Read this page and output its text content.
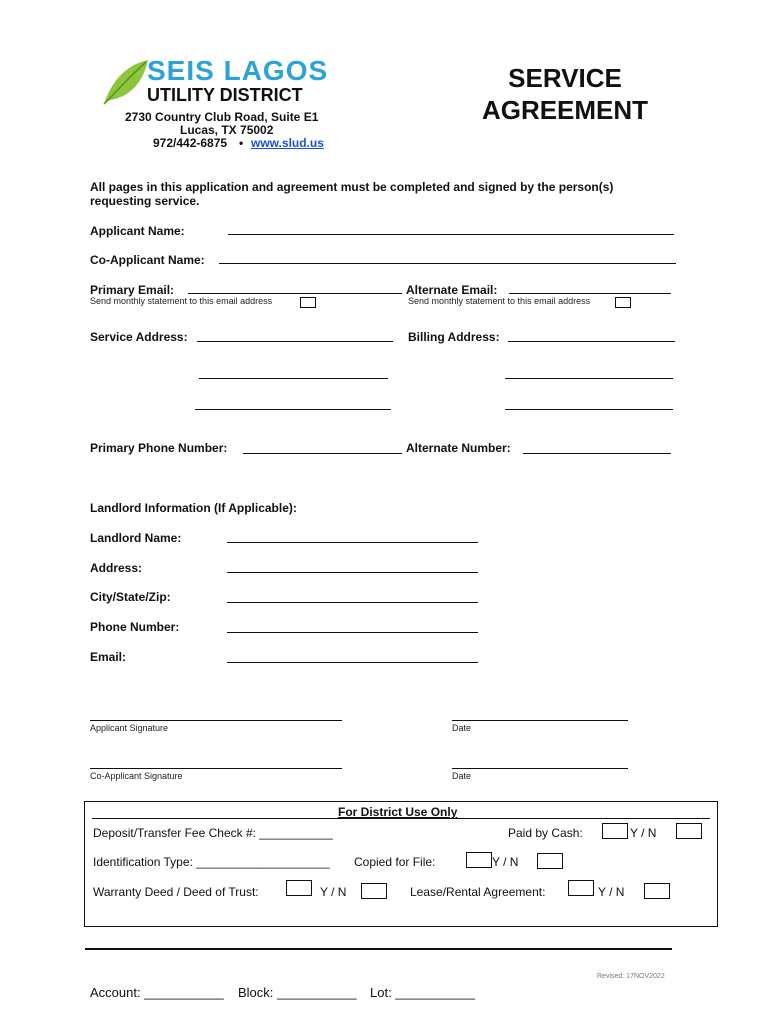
SEIS LAGOS
UTILITY DISTRICT
2730 Country Club Road, Suite E1
Lucas, TX 75002
972/442-6875 • www.slud.us
SERVICE
AGREEMENT
All pages in this application and agreement must be completed and signed by the person(s)
requesting service.
Applicant Name:
Co-Applicant Name:
Primary Email:
Send monthly statement to this email address
Alternate Email:
Send monthly statement to this email address
Service Address:	Billing Address:
Primary Phone Number:	Alternate Number:
Landlord Information (If Applicable):
Landlord Name:
Address:
City/State/Zip:
Phone Number:
Email:
Applicant Signature	Date
Co-Applicant Signature	Date
For District Use Only
Deposit/Transfer Fee Check #: ___________	Paid by Cash:	Y / N
Identification Type: ____________________ Copied for File:	Y / N
Warranty Deed / Deed of Trust:	Y / N	Lease/Rental Agreement:	Y / N
Revised: 17NOV2022
Account: ___________ Block: ___________ Lot: ___________
